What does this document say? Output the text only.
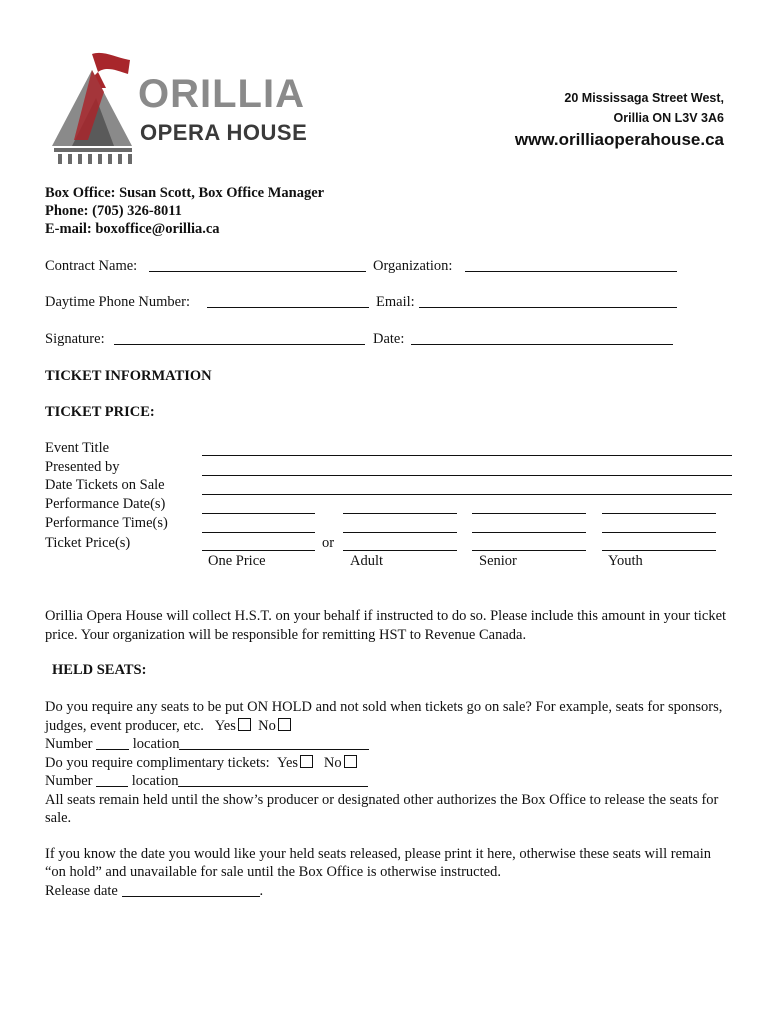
ORILLIA
OPERA HOUSE
20 Mississaga Street West,
Orillia ON L3V 3A6
www.orilliaoperahouse.ca
Box Office: Susan Scott, Box Office Manager
Phone: (705) 326-8011
E-mail: boxoffice@orillia.ca
Contract Name:	Organization:
Daytime Phone Number:	Email:
Signature:	Date:
TICKET INFORMATION
TICKET PRICE:
Event Title
Presented by
Date Tickets on Sale
Performance Date(s)
Performance Time(s)
Ticket Price(s)	or
One Price	Adult	Senior	Youth

Orillia Opera House will collect H.S.T. on your behalf if instructed to do so. Please include this amount in your ticket price. Your organization will be responsible for remitting HST to Revenue Canada.

HELD SEATS:

Do you require any seats to be put ON HOLD and not sold when tickets go on sale? For example, seats for sponsors, judges, event producer, etc. Yes No

Number	location

Do you require complimentary tickets: Yes No

Number	location

All seats remain held until the show’s producer or designated other authorizes the Box Office to release the seats for sale.

If you know the date you would like your held seats released, please print it here, otherwise these seats will remain “on hold” and unavailable for sale until the Box Office is otherwise instructed.

Release date	.
